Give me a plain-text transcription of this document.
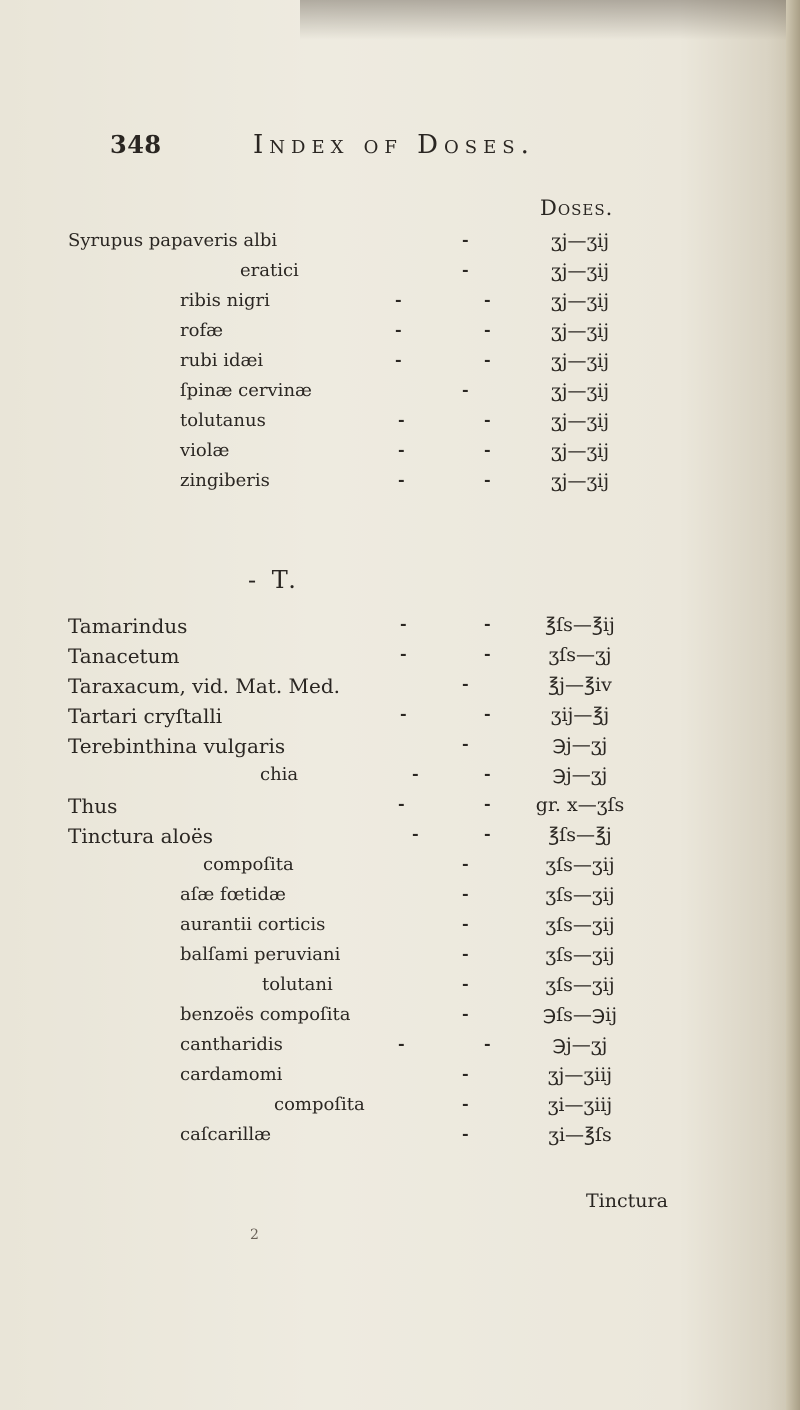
348	Index of Doses.
Doses.
Syrupus papaveris albi	-	ʒj—ʒij
eratici	-	ʒj—ʒij
ribis nigri	-	-	ʒj—ʒij
rofæ	-	-	ʒj—ʒij
rubi idæi	-	-	ʒj—ʒij
ſpinæ cervinæ	-	ʒj—ʒij
tolutanus	-	-	ʒj—ʒij
violæ	-	-	ʒj—ʒij
zingiberis	-	-	ʒj—ʒij
- T.
Tamarindus	-	-	℥ſs—℥ij
Tanacetum	-	-	ʒſs—ʒj
Taraxacum, vid. Mat. Med.	-	℥j—℥iv
Tartari cryſtalli	-	-	ʒij—℥j
Terebinthina vulgaris	-	℈j—ʒj
chia	-	-	℈j—ʒj
Thus	-	-	gr. x—ʒſs
Tinctura aloës	-	-	℥ſs—℥j
compoſita	-	ʒſs—ʒij
aſæ fœtidæ	-	ʒſs—ʒij
aurantii corticis	-	ʒſs—ʒij
balſami peruviani	-	ʒſs—ʒij
tolutani	-	ʒſs—ʒij
benzoës compoſita	-	℈ſs—℈ij
cantharidis	-	-	℈j—ʒj
cardamomi	-	ʒj—ʒiij
compoſita	-	ʒi—ʒiij
caſcarillæ	-	ʒi—℥ſs
Tinctura
2
